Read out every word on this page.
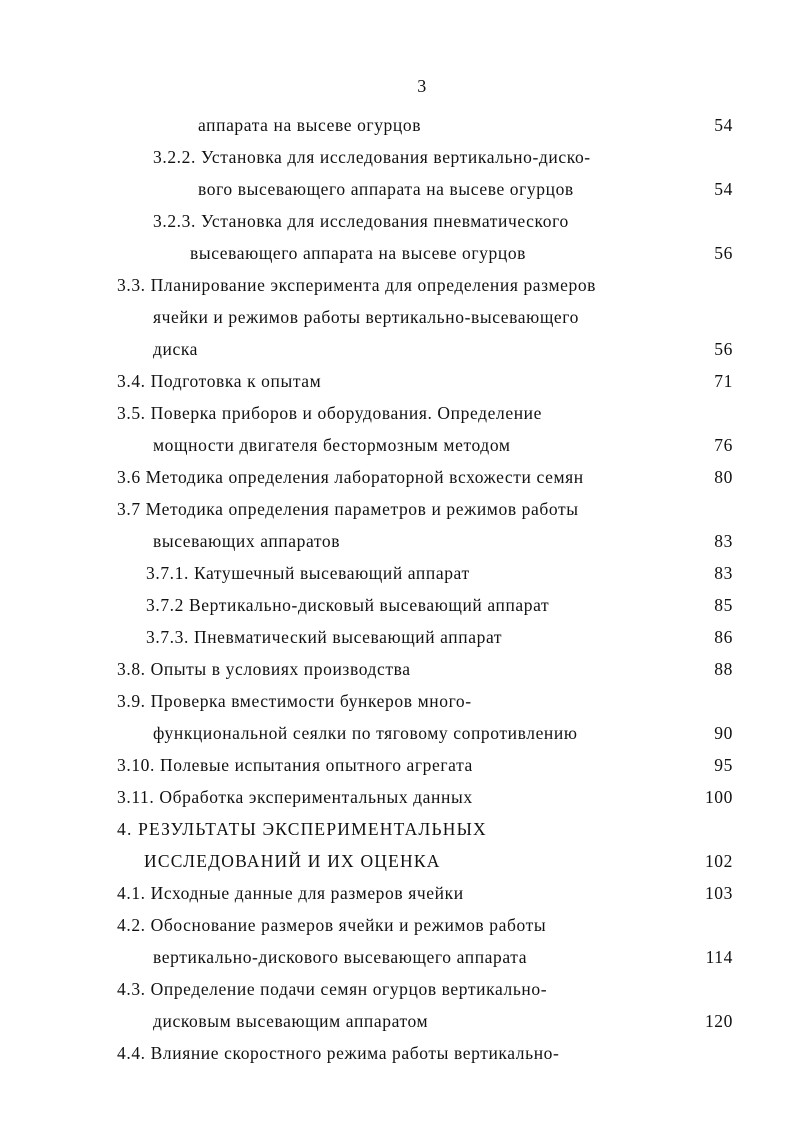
3
аппарата на высеве огурцов	54
3.2.2. Установка для исследования вертикально-диско-
вого высевающего аппарата на высеве огурцов	54
3.2.3. Установка для исследования пневматического
высевающего аппарата на высеве огурцов	56
3.3. Планирование эксперимента для определения размеров
ячейки и режимов работы вертикально-высевающего
диска	56
3.4. Подготовка к опытам	71
3.5. Поверка приборов и оборудования. Определение
мощности двигателя бестормозным методом	76
3.6 Методика определения лабораторной всхожести семян	80
3.7 Методика определения параметров и режимов работы
высевающих аппаратов	83
3.7.1. Катушечный высевающий аппарат	83
3.7.2 Вертикально-дисковый высевающий аппарат	85
3.7.3. Пневматический высевающий аппарат	86
3.8. Опыты в условиях производства	88
3.9. Проверка вместимости бункеров много-
функциональной сеялки по тяговому сопротивлению	90
3.10. Полевые испытания опытного агрегата	95
3.11. Обработка экспериментальных данных	100
4. РЕЗУЛЬТАТЫ ЭКСПЕРИМЕНТАЛЬНЫХ
ИССЛЕДОВАНИЙ И ИХ ОЦЕНКА	102
4.1. Исходные данные для размеров ячейки	103
4.2. Обоснование размеров ячейки и режимов работы
вертикально-дискового высевающего аппарата	114
4.3. Определение подачи семян огурцов вертикально-
дисковым высевающим аппаратом	120
4.4. Влияние скоростного режима работы вертикально-
